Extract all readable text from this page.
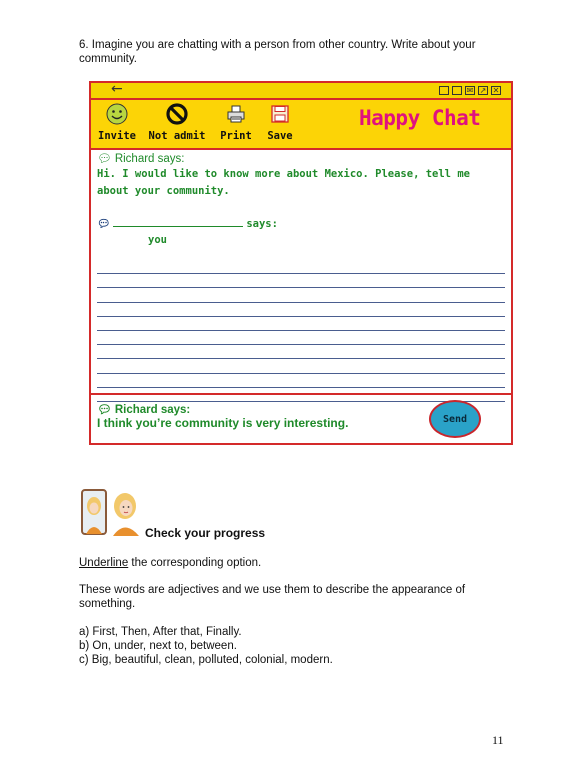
6. Imagine you are chatting with a person from other country. Write about your community.
←	✉ ↗ ✕
Invite Not admit Print	Save
Happy Chat
💬︎ Richard says:
Hi. I would like to know more about Mexico. Please, tell me about your community.
💬︎	says:
you
💬︎ Richard says:
I think you’re community is very interesting.	Send
Check your progress
Underline the corresponding option.
These words are adjectives and we use them to describe the appearance of something.
a) First, Then, After that, Finally.
b) On, under, next to, between.
c) Big, beautiful, clean, polluted, colonial, modern.
11
